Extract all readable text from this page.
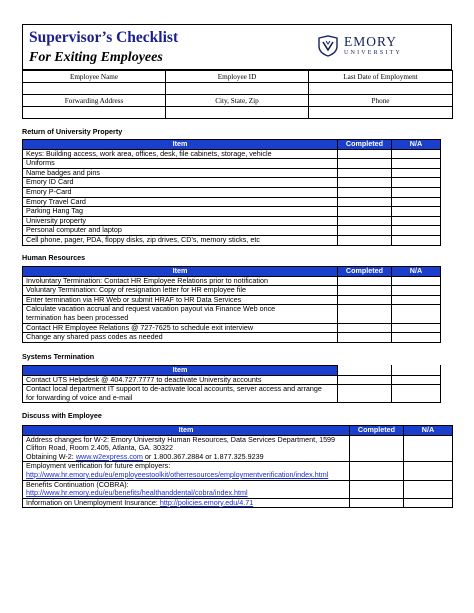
Supervisor’s Checklist
For Exiting Employees
EMORY
UNIVERSITY
Employee Name	Employee ID	Last Date of Employment

Forwarding Address	City, State, Zip	Phone

Return of University Property
Item	Completed	N/A
Keys: Building access, work area, offices, desk, file cabinets, storage, vehicle		
Uniforms		
Name badges and pins		
Emory ID Card		
Emory P-Card		
Emory Travel Card		
Parking Hang Tag		
University property		
Personal computer and laptop		
Cell phone, pager, PDA, floppy disks, zip drives, CD’s, memory sticks, etc		
Human Resources
Item	Completed	N/A
Involuntary Termination: Contact HR Employee Relations prior to notification		
Voluntary Termination: Copy of resignation letter for HR employee file		
Enter termination via HR Web or submit HRAF to HR Data Services		
Calculate vacation accrual and request vacation payout via Finance Web once termination has been processed		
Contact HR Employee Relations @ 727-7625 to schedule exit interview		
Change any shared pass codes as needed		
Systems Termination
Item		
Contact UTS Helpdesk @ 404.727.7777 to deactivate University accounts		
Contact local department IT support to de-activate local accounts, server access and arrange for forwarding of voice and e-mail		
Discuss with Employee
Item	Completed	N/A

Address changes for W-2: Emory University Human Resources, Data Services Department, 1599 Clifton Road, Room 2.405, Atlanta, GA. 30322
Obtaining W-2: www.w2express.com or 1.800.367.2884 or 1.877.325.9239		

Employment verification for future employers:
http://www.hr.emory.edu/eu/employeestoolkit/otherresources/employmentverification/index.html		

Benefits Continuation (COBRA):
http://www.hr.emory.edu/eu/benefits/healthanddental/cobra/index.html		

Information on Unemployment Insurance: http://policies.emory.edu/4.71		
